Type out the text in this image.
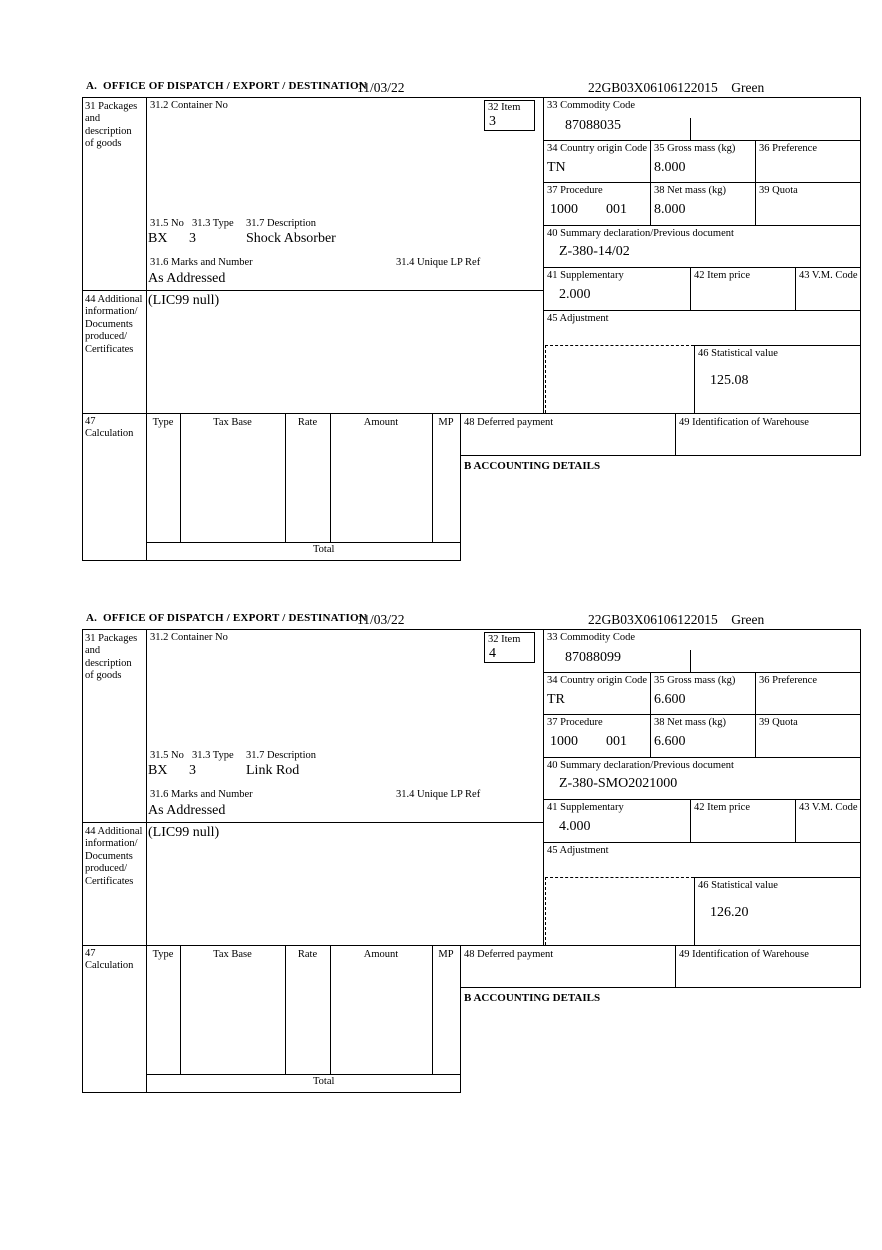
A.  OFFICE OF DISPATCH / EXPORT / DESTINATION
11/03/22	22GB03X06106122015    Green
31 Packages and description of goods
44 Additional information/ Documents produced/ Certificates
47 Calculation
31.2 Container No	32 Item
3
31.5 No 31.3 Type 31.7 Description
BX 3	Shock Absorber
31.6 Marks and Number	31.4 Unique LP Ref
As Addressed
(LIC99 null)
33 Commodity Code
87088035
34 Country origin Code
TN
35 Gross mass (kg)
8.000
36 Preference
37 Procedure
1000 001
38 Net mass (kg)
8.000
39 Quota
40 Summary declaration/Previous document
Z-380-14/02
41 Supplementary
2.000
42 Item price	43 V.M. Code
45 Adjustment
46 Statistical value
125.08
Type	Tax Base	Rate	Amount	MP
Total
48 Deferred payment	49 Identification of Warehouse
B ACCOUNTING DETAILS
A.  OFFICE OF DISPATCH / EXPORT / DESTINATION
11/03/22	22GB03X06106122015    Green
31 Packages and description of goods
44 Additional information/ Documents produced/ Certificates
47 Calculation
31.2 Container No	32 Item
4
31.5 No 31.3 Type 31.7 Description
BX 3	Link Rod
31.6 Marks and Number	31.4 Unique LP Ref
As Addressed
(LIC99 null)
33 Commodity Code
87088099
34 Country origin Code
TR
35 Gross mass (kg)
6.600
36 Preference
37 Procedure
1000 001
38 Net mass (kg)
6.600
39 Quota
40 Summary declaration/Previous document
Z-380-SMO2021000
41 Supplementary
4.000
42 Item price	43 V.M. Code
45 Adjustment
46 Statistical value
126.20
Type	Tax Base	Rate	Amount	MP
Total
48 Deferred payment	49 Identification of Warehouse
B ACCOUNTING DETAILS
